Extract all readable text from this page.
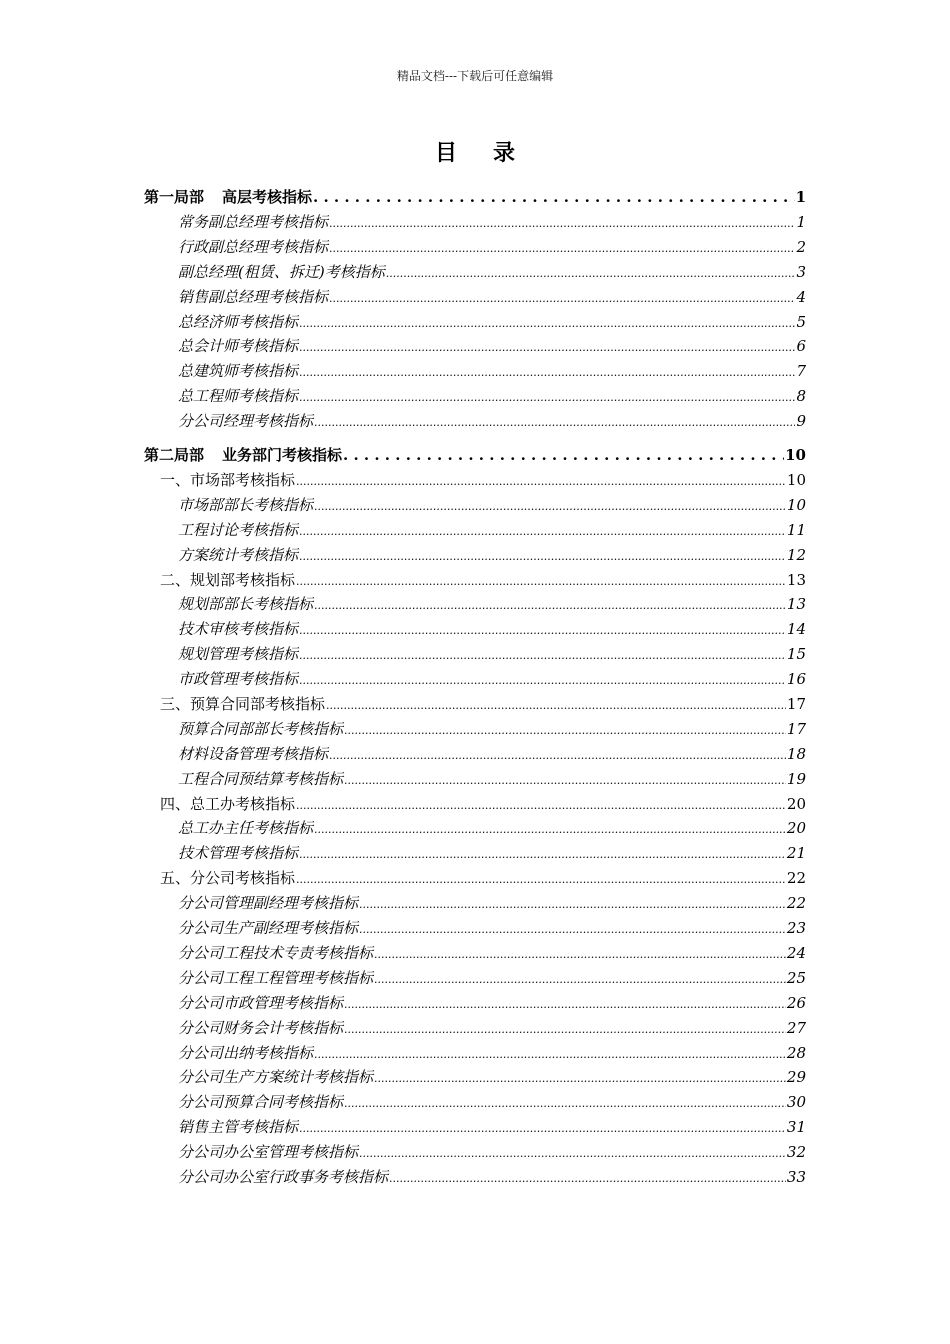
精品文档---下载后可任意编辑
目录
第一局部 高层考核指标 . . .	1
常务副总经理考核指标 .....	1
行政副总经理考核指标 .....	2
副总经理(租赁、拆迁)考核指标 .....	3
销售副总经理考核指标 .....	4
总经济师考核指标 .....	5
总会计师考核指标 .....	6
总建筑师考核指标 .....	7
总工程师考核指标 .....	8
分公司经理考核指标 .....	9
第二局部 业务部门考核指标 . . .	10
一、市场部考核指标 .....	10
市场部部长考核指标 .....	10
工程讨论考核指标 .....	11
方案统计考核指标 .....	12
二、规划部考核指标 .....	13
规划部部长考核指标 .....	13
技术审核考核指标 .....	14
规划管理考核指标 .....	15
市政管理考核指标 .....	16
三、预算合同部考核指标 .....	17
预算合同部部长考核指标 .....	17
材料设备管理考核指标 .....	18
工程合同预结算考核指标 .....	19
四、总工办考核指标 .....	20
总工办主任考核指标 .....	20
技术管理考核指标 .....	21
五、分公司考核指标 .....	22
分公司管理副经理考核指标 .....	22
分公司生产副经理考核指标 .....	23
分公司工程技术专责考核指标 .....	24
分公司工程工程管理考核指标 .....	25
分公司市政管理考核指标 .....	26
分公司财务会计考核指标 .....	27
分公司出纳考核指标 .....	28
分公司生产方案统计考核指标 .....	29
分公司预算合同考核指标 .....	30
销售主管考核指标 .....	31
分公司办公室管理考核指标 .....	32
分公司办公室行政事务考核指标 .....	33
